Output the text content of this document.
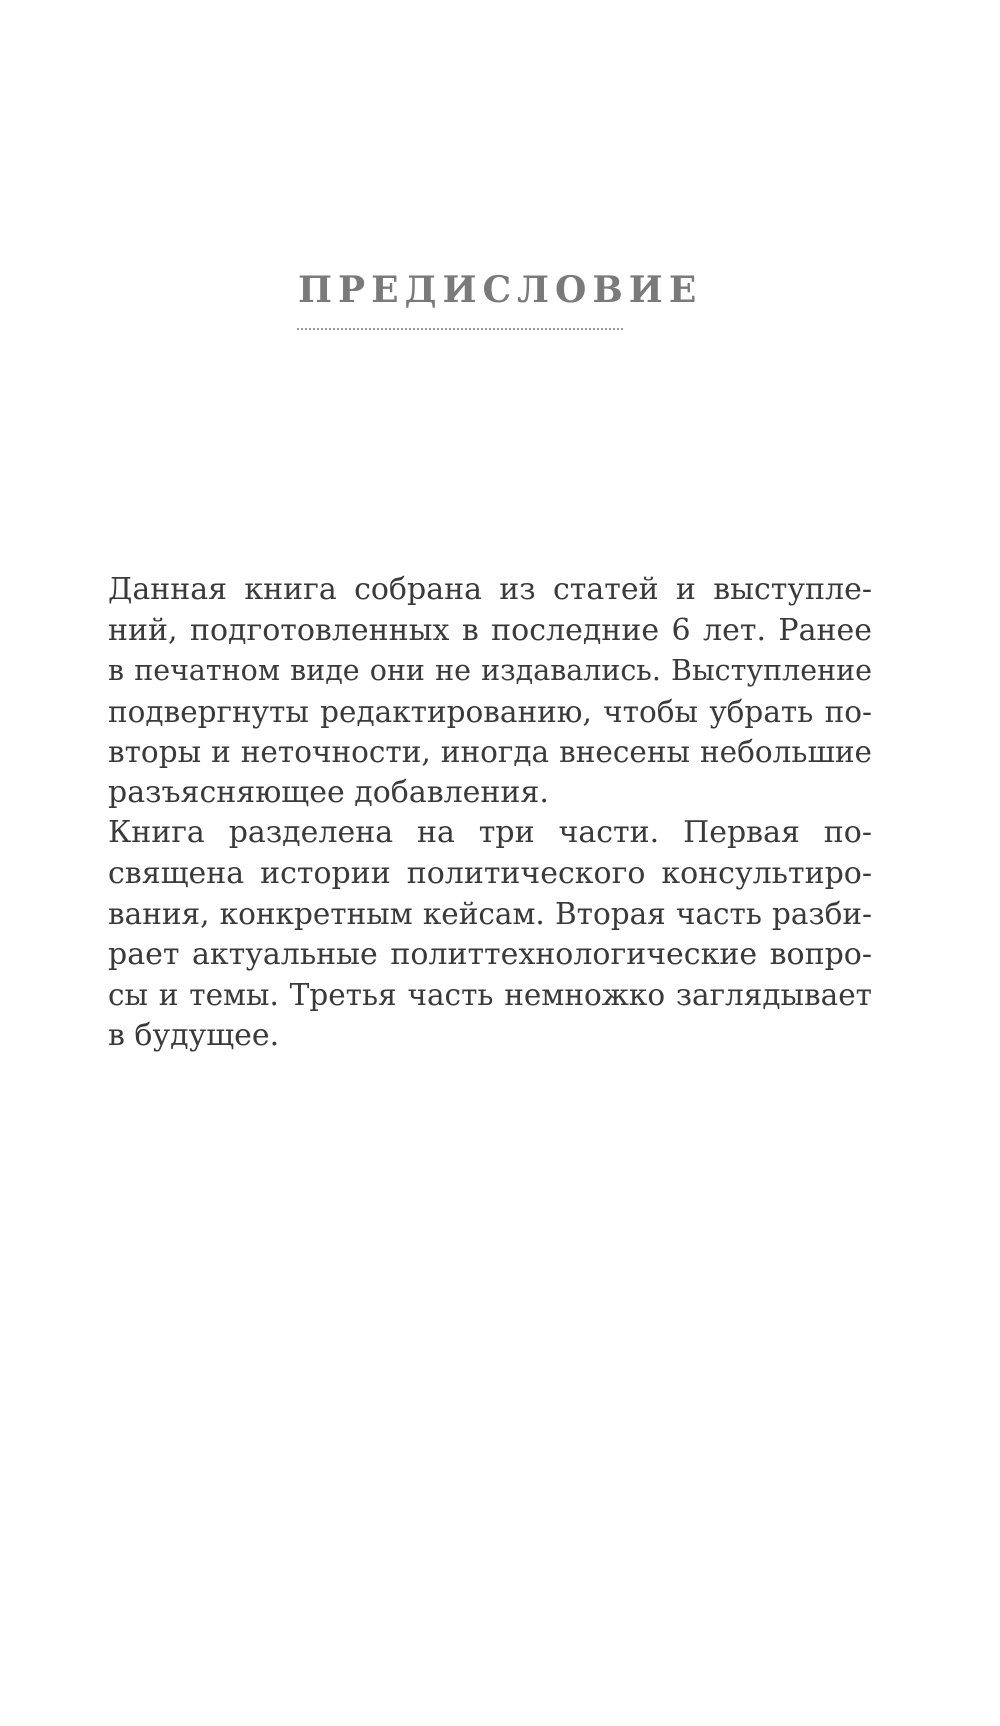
ПРЕДИСЛОВИЕ
Данная книга собрана из статей и выступле-
ний, подготовленных в последние 6 лет. Ранее
в печатном виде они не издавались. Выступление
подвергнуты редактированию, чтобы убрать по-
вторы и неточности, иногда внесены небольшие
разъясняющее добавления.
Книга разделена на три части. Первая по-
священа истории политического консультиро-
вания, конкретным кейсам. Вторая часть разби-
рает актуальные политтехнологические вопро-
сы и темы. Третья часть немножко заглядывает
в будущее.
